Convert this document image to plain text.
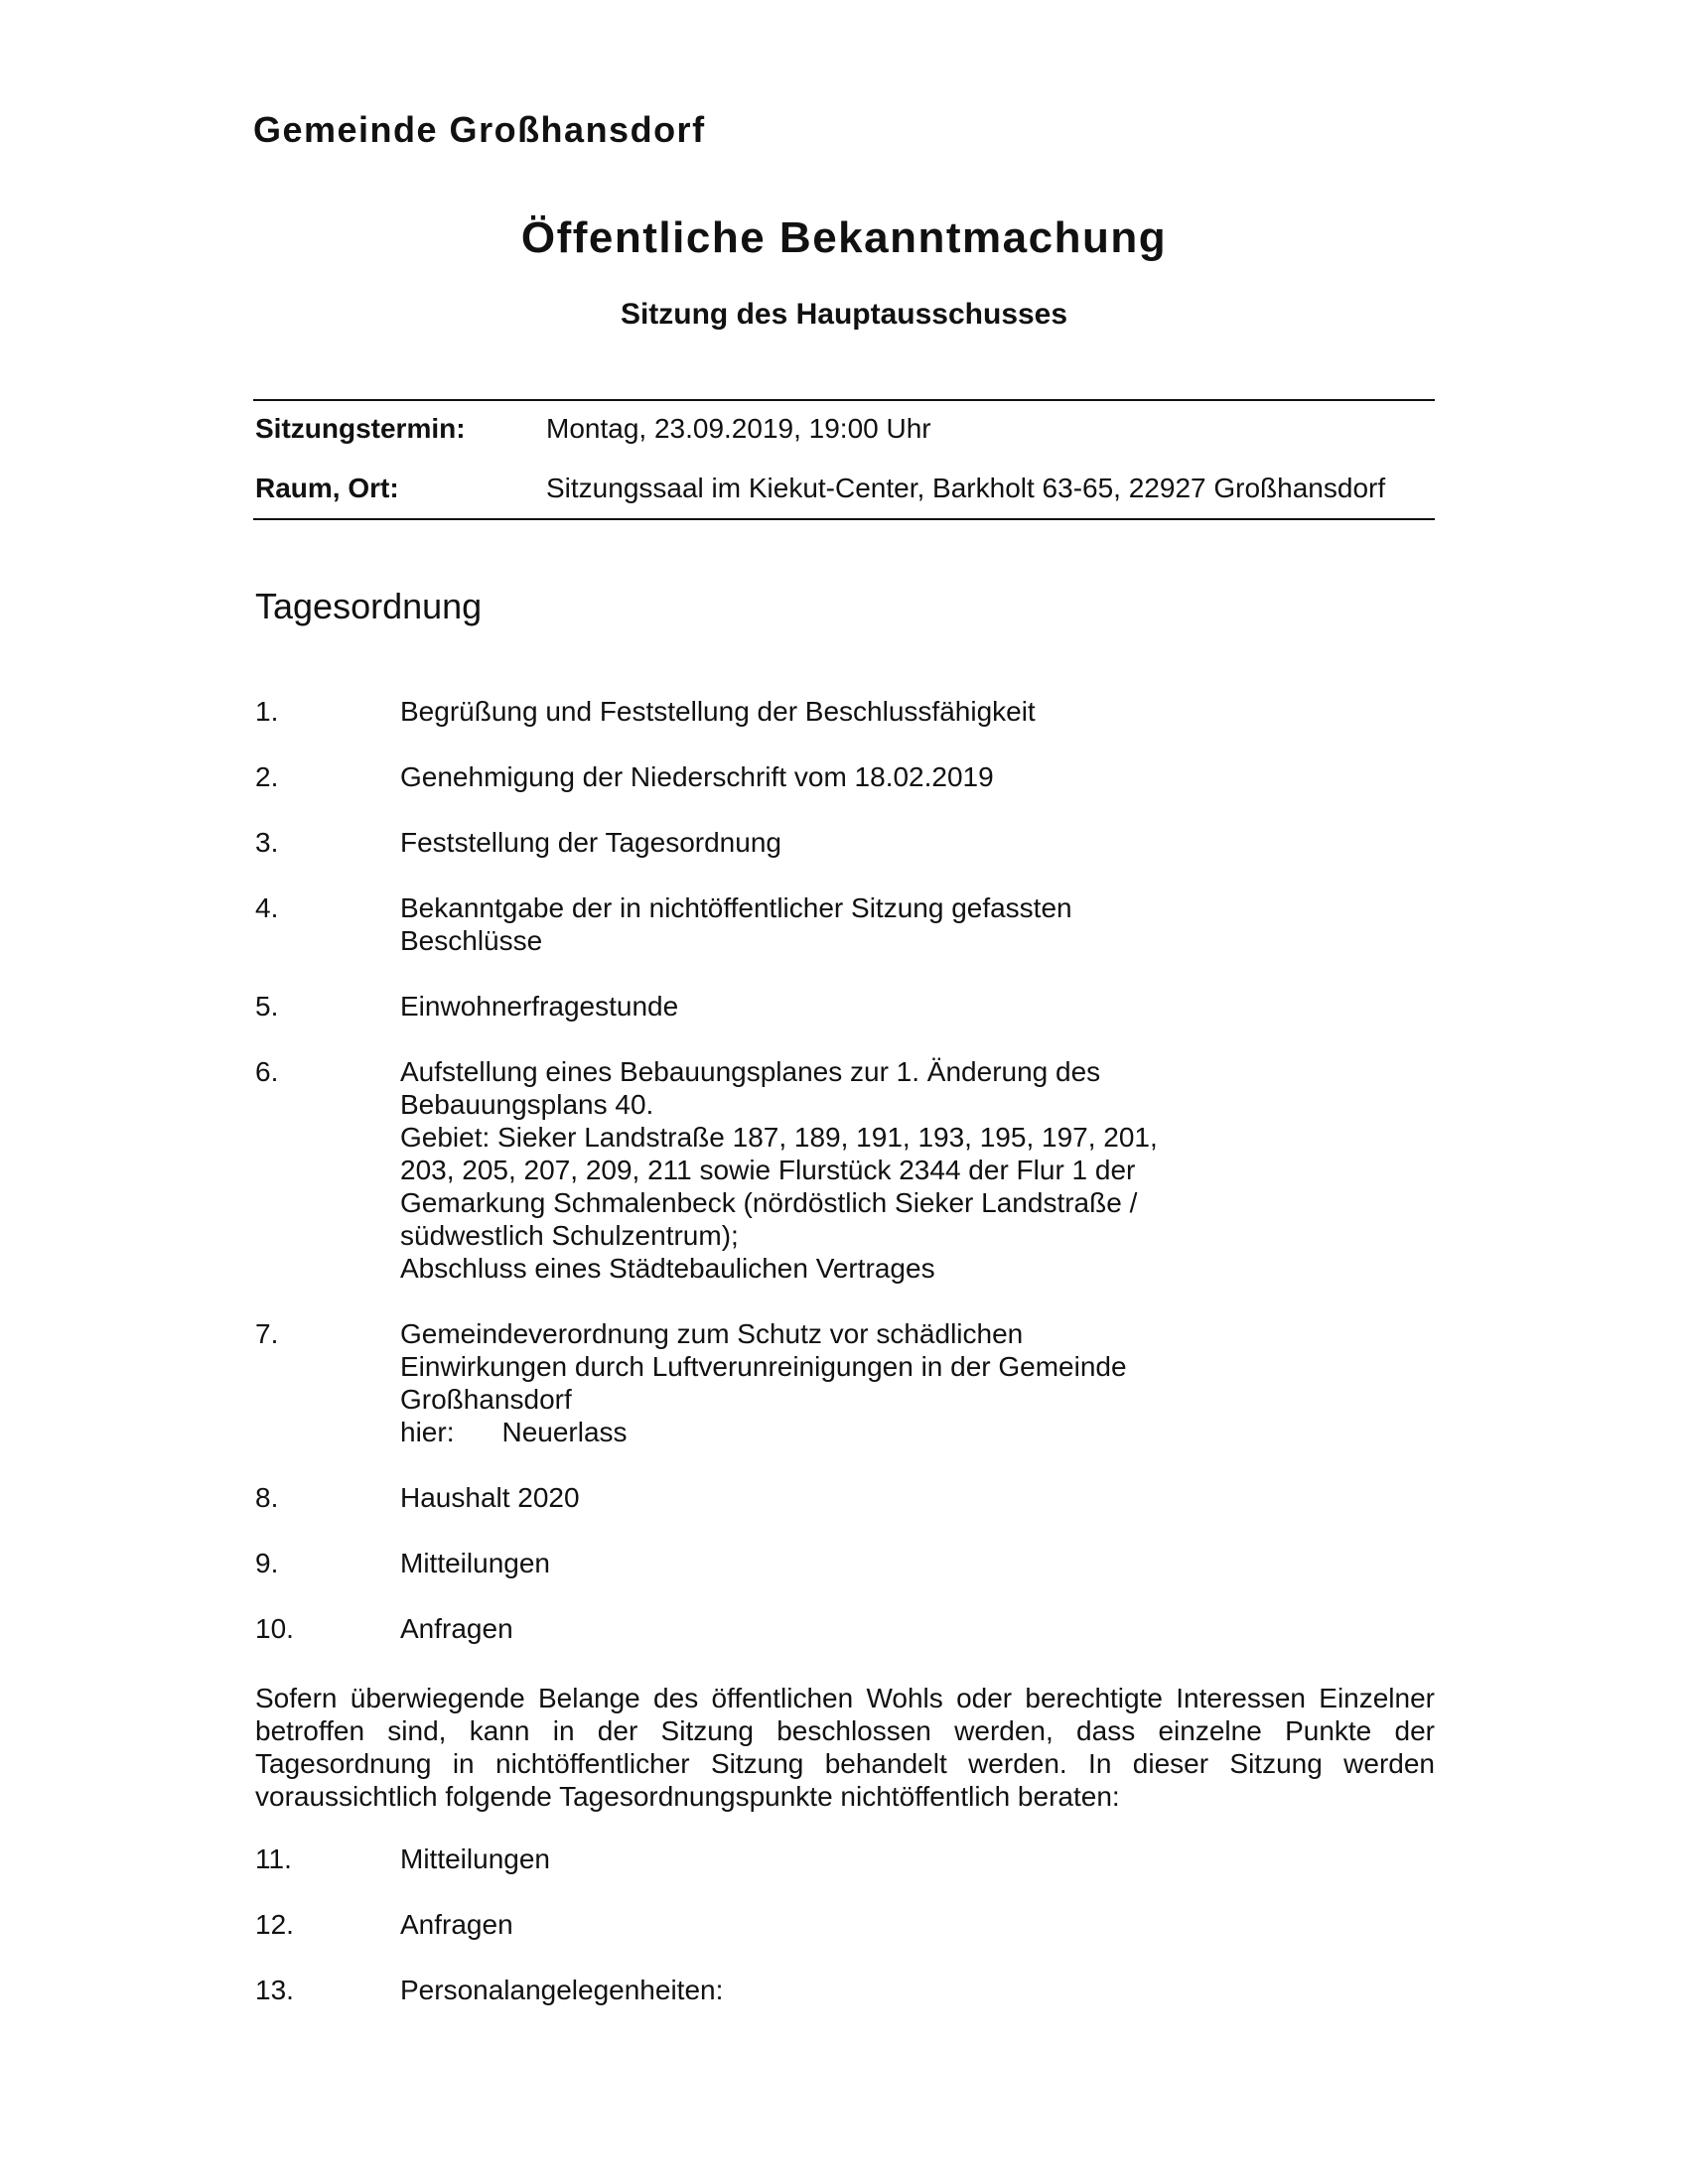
Gemeinde Großhansdorf
Öffentliche Bekanntmachung
Sitzung des Hauptausschusses
Sitzungstermin:	Montag, 23.09.2019, 19:00 Uhr
Raum, Ort:	Sitzungssaal im Kiekut-Center, Barkholt 63-65, 22927 Großhansdorf
Tagesordnung
1.	Begrüßung und Feststellung der Beschlussfähigkeit
2.	Genehmigung der Niederschrift vom 18.02.2019
3.	Feststellung der Tagesordnung
4.	Bekanntgabe der in nichtöffentlicher Sitzung gefassten
Beschlüsse
5.	Einwohnerfragestunde
6.	Aufstellung eines Bebauungsplanes zur 1. Änderung des
Bebauungsplans 40.
Gebiet: Sieker Landstraße 187, 189, 191, 193, 195, 197, 201,
203, 205, 207, 209, 211 sowie Flurstück 2344 der Flur 1 der
Gemarkung Schmalenbeck (nördöstlich Sieker Landstraße /
südwestlich Schulzentrum);
Abschluss eines Städtebaulichen Vertrages
7.	Gemeindeverordnung zum Schutz vor schädlichen
Einwirkungen durch Luftverunreinigungen in der Gemeinde
Großhansdorf
hier: Neuerlass
8.	Haushalt 2020
9.	Mitteilungen
10.	Anfragen
Sofern überwiegende Belange des öffentlichen Wohls oder berechtigte Interessen Einzelner betroffen sind, kann in der Sitzung beschlossen werden, dass einzelne Punkte der Tagesordnung in nichtöffentlicher Sitzung behandelt werden. In dieser Sitzung werden voraussichtlich folgende Tagesordnungspunkte nichtöffentlich beraten:
11.	Mitteilungen
12.	Anfragen
13.	Personalangelegenheiten:
